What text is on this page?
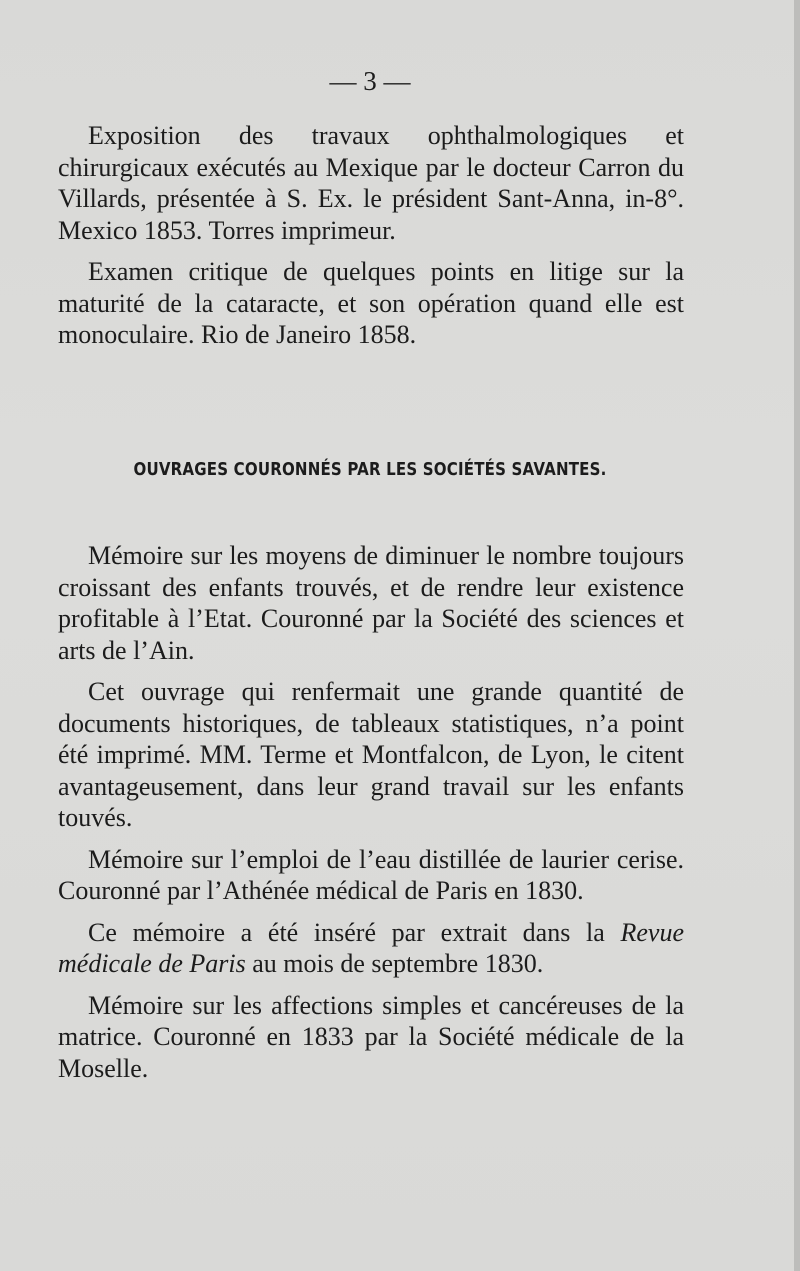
— 3 —

Exposition des travaux ophthalmologiques et chirurgicaux exécutés au Mexique par le docteur Carron du Villards, présentée à S. Ex. le président Sant-Anna, in-8°. Mexico 1853. Torres imprimeur.

Examen critique de quelques points en litige sur la maturité de la cataracte, et son opération quand elle est monoculaire. Rio de Janeiro 1858.

OUVRAGES COURONNÉS PAR LES SOCIÉTÉS SAVANTES.

Mémoire sur les moyens de diminuer le nombre toujours croissant des enfants trouvés, et de rendre leur existence profitable à l’Etat. Couronné par la Société des sciences et arts de l’Ain.

Cet ouvrage qui renfermait une grande quantité de documents historiques, de tableaux statistiques, n’a point été imprimé. MM. Terme et Montfalcon, de Lyon, le citent avantageusement, dans leur grand travail sur les enfants touvés.

Mémoire sur l’emploi de l’eau distillée de laurier cerise. Couronné par l’Athénée médical de Paris en 1830.

Ce mémoire a été inséré par extrait dans la Revue médicale de Paris au mois de septembre 1830.

Mémoire sur les affections simples et cancéreuses de la matrice. Couronné en 1833 par la Société médicale de la Moselle.
